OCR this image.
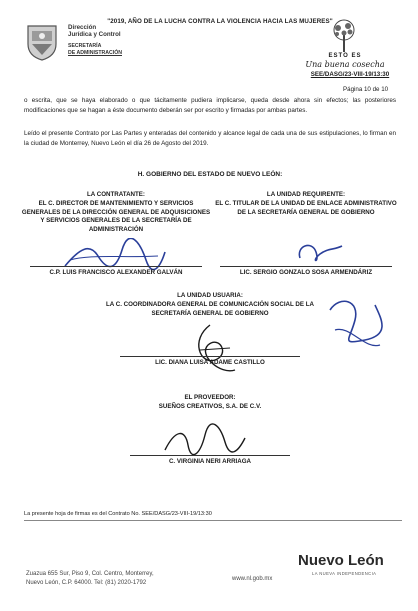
Dirección
Jurídica y Control
SECRETARÍA
DE ADMINISTRACIÓN
"2019, AÑO DE LA LUCHA CONTRA LA VIOLENCIA HACIA LAS MUJERES"
ESTO ES
Una buena cosecha
SEE/DASG/23-VIII-19/13:30
Página 10 de 10
o escrita, que se haya elaborado o que tácitamente pudiera implicarse, queda desde ahora sin efectos; las posteriores modificaciones que se hagan a éste documento deberán ser por escrito y firmadas por ambas partes.
Leído el presente Contrato por Las Partes y enteradas del contenido y alcance legal de cada una de sus estipulaciones, lo firman en la ciudad de Monterrey, Nuevo León el día 26 de Agosto del 2019.
H. GOBIERNO DEL ESTADO DE NUEVO LEÓN:
LA CONTRATANTE:
EL C. DIRECTOR DE MANTENIMIENTO Y SERVICIOS GENERALES DE LA DIRECCIÓN GENERAL DE ADQUISICIONES Y SERVICIOS GENERALES DE LA SECRETARÍA DE ADMINISTRACIÓN
C.P. LUIS FRANCISCO ALEXANDER GALVÁN
LA UNIDAD REQUIRENTE:
EL C. TITULAR DE LA UNIDAD DE ENLACE ADMINISTRATIVO DE LA SECRETARÍA GENERAL DE GOBIERNO
LIC. SERGIO GONZALO SOSA ARMENDÁRIZ
LA UNIDAD USUARIA:
LA C. COORDINADORA GENERAL DE COMUNICACIÓN SOCIAL DE LA SECRETARÍA GENERAL DE GOBIERNO
LIC. DIANA LUISA ADAME CASTILLO
EL PROVEEDOR:
SUEÑOS CREATIVOS, S.A. DE C.V.
C. VIRGINIA NERI ARRIAGA
La presente hoja de firmas es del Contrato No. SEE/DASG/23-VIII-19/13:30
Zuazua 655 Sur, Piso 9, Col. Centro, Monterrey,
Nuevo León, C.P. 64000. Tel: (81) 2020-1792
www.nl.gob.mx
Nuevo León
LA NUEVA INDEPENDENCIA
